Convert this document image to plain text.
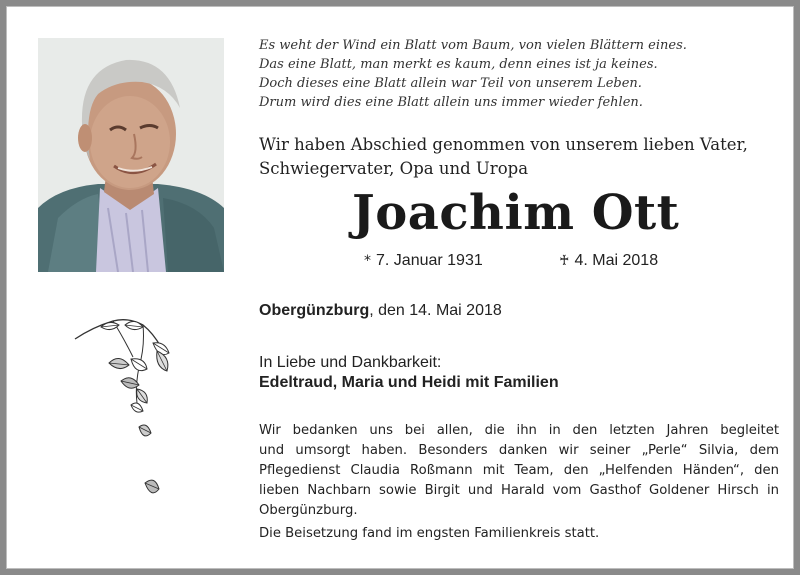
Es weht der Wind ein Blatt vom Baum, von vielen Blättern eines.
Das eine Blatt, man merkt es kaum, denn eines ist ja keines.
Doch dieses eine Blatt allein war Teil von unserem Leben.
Drum wird dies eine Blatt allein uns immer wieder fehlen.
Wir haben Abschied genommen von unserem lieben Vater,
Schwiegervater, Opa und Uropa
Joachim Ott
* 7. Januar 1931	♰ 4. Mai 2018
Obergünzburg, den 14. Mai 2018
In Liebe und Dankbarkeit:
Edeltraud, Maria und Heidi mit Familien
Wir bedanken uns bei allen, die ihn in den letzten Jahren begleitet
und umsorgt haben. Besonders danken wir seiner „Perle“ Silvia, dem
Pflegedienst Claudia Roßmann mit Team, den „Helfenden Händen“, den
lieben Nachbarn sowie Birgit und Harald vom Gasthof Goldener Hirsch in
Obergünzburg.
Die Beisetzung fand im engsten Familienkreis statt.
